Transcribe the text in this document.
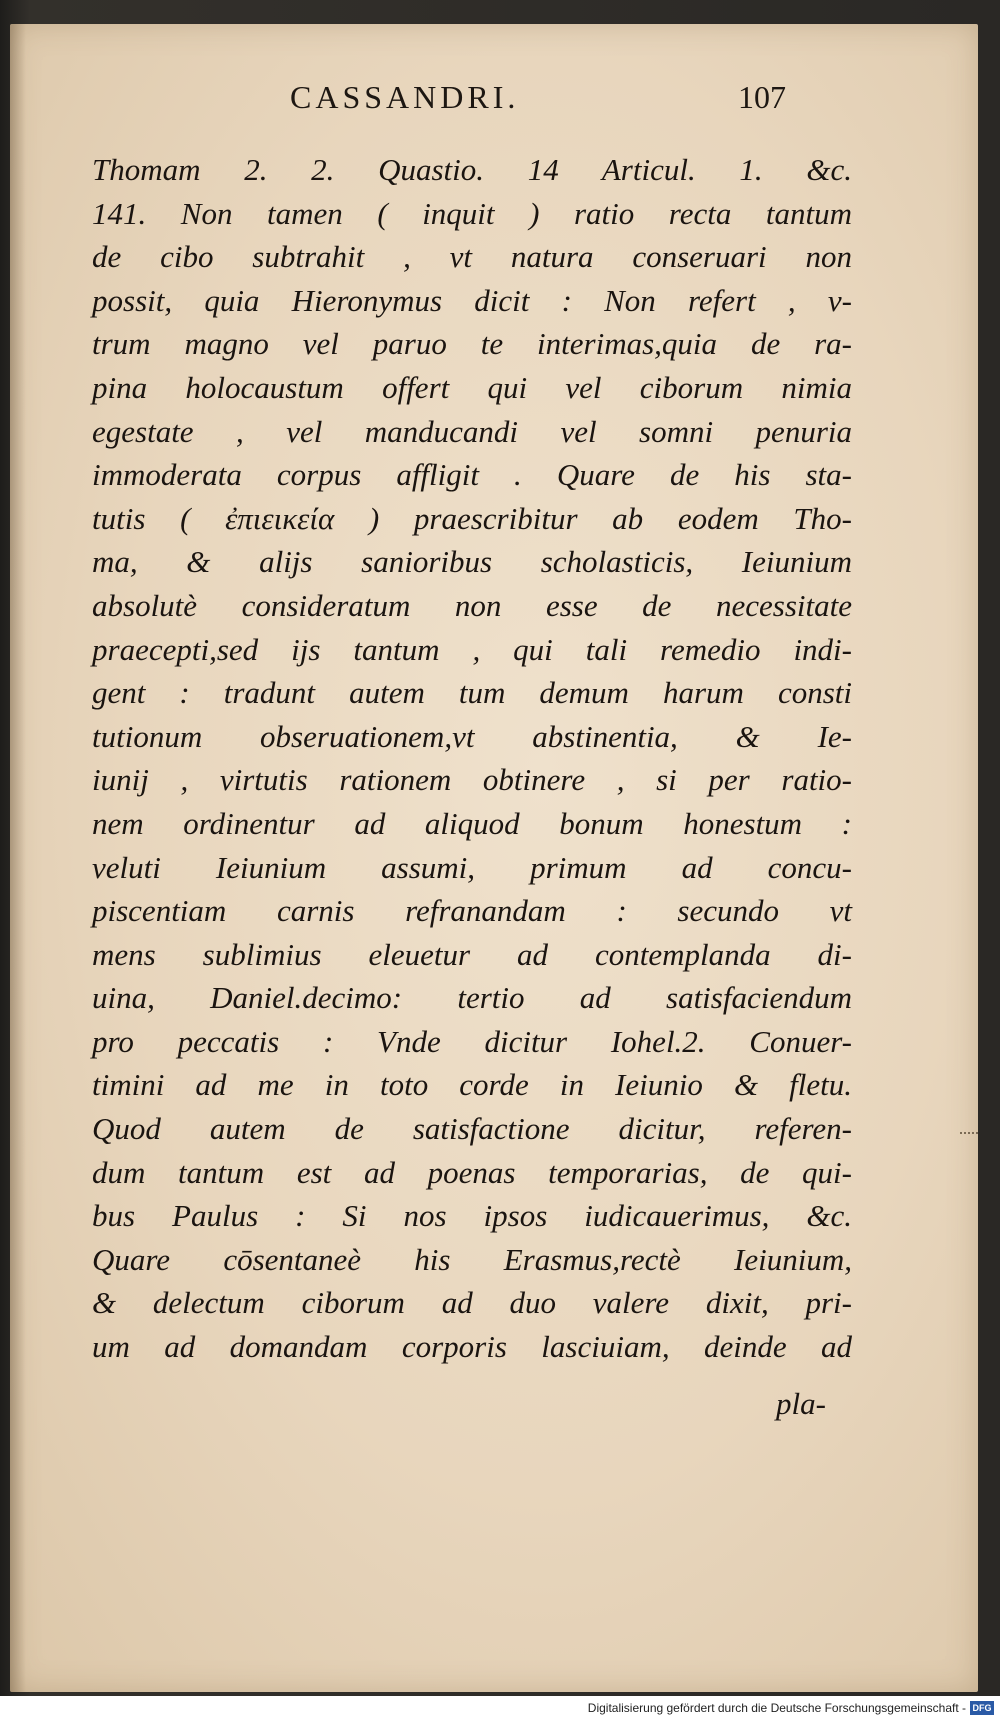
CASSANDRI.	107
Thomam 2. 2. Quastio. 14 Articul. 1. &c.
141. Non tamen ( inquit ) ratio recta tantum
de cibo subtrahit , vt natura conseruari non
possit, quia Hieronymus dicit : Non refert , v-
trum magno vel paruo te interimas,quia de ra-
pina holocaustum offert qui vel ciborum nimia
egestate , vel manducandi vel somni penuria
immoderata corpus affligit . Quare de his sta-
tutis ( ἐπιεικεία ) praescribitur ab eodem Tho-
ma, & alijs sanioribus scholasticis, Ieiunium
absolutè consideratum non esse de necessitate
praecepti,sed ijs tantum , qui tali remedio indi-
gent : tradunt autem tum demum harum consti
tutionum obseruationem,vt abstinentia, & Ie-
iunij , virtutis rationem obtinere , si per ratio-
nem ordinentur ad aliquod bonum honestum :
veluti Ieiunium assumi, primum ad concu-
piscentiam carnis refranandam : secundo vt
mens sublimius eleuetur ad contemplanda di-
uina, Daniel.decimo: tertio ad satisfaciendum
pro peccatis : Vnde dicitur Iohel.2. Conuer-
timini ad me in toto corde in Ieiunio & fletu.
Quod autem de satisfactione dicitur, referen-
dum tantum est ad poenas temporarias, de qui-
bus Paulus : Si nos ipsos iudicauerimus, &c.
Quare cōsentaneè his Erasmus,rectè Ieiunium,
& delectum ciborum ad duo valere dixit, pri-
um ad domandam corporis lasciuiam, deinde ad
pla-
Digitalisierung gefördert durch die Deutsche Forschungsgemeinschaft - DFG
